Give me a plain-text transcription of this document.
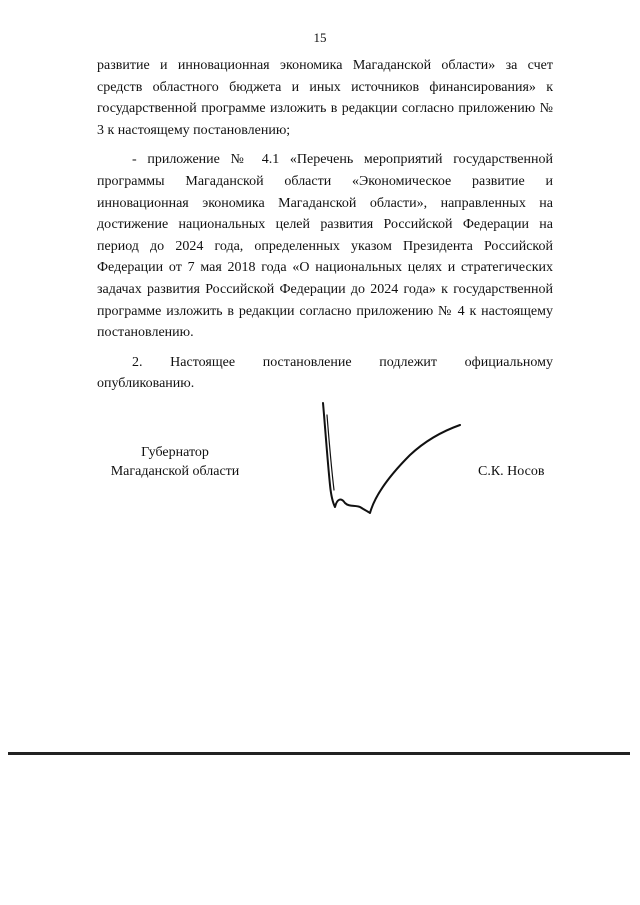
15

развитие и инновационная экономика Магаданской области» за счет средств областного бюджета и иных источников финансирования» к государственной программе изложить в редакции согласно приложению № 3 к настоящему постановлению;

- приложение № 4.1 «Перечень мероприятий государственной программы Магаданской области «Экономическое развитие и инновационная экономика Магаданской области», направленных на достижение национальных целей развития Российской Федерации на период до 2024 года, определенных указом Президента Российской Федерации от 7 мая 2018 года «О национальных целях и стратегических задачах развития Российской Федерации до 2024 года» к государственной программе изложить в редакции согласно приложению № 4 к настоящему постановлению.

2. Настоящее постановление подлежит официальному опубликованию.

Губернатор
Магаданской области	С.К. Носов
